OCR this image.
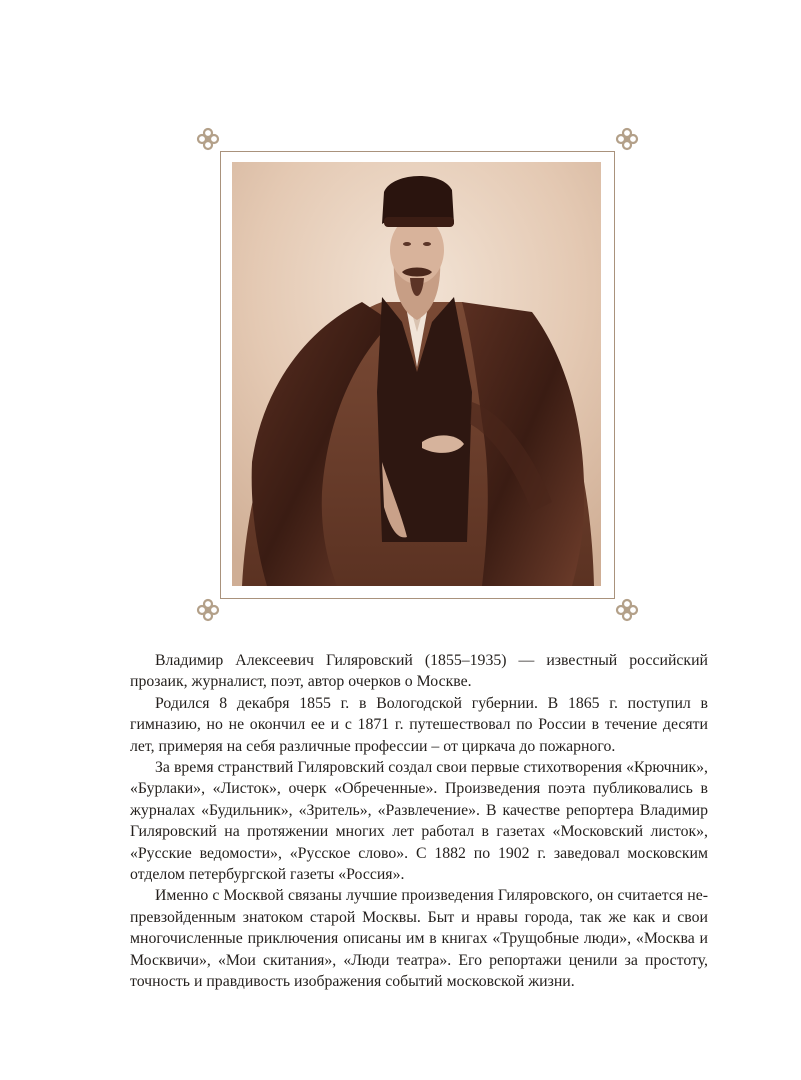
Владимир Алексеевич Гиляровский (1855–1935) — известный российский прозаик, журналист, поэт, автор очерков о Москве.

Родился 8 декабря 1855 г. в Вологодской губернии. В 1865 г. поступил в гимназию, но не окончил ее и с 1871 г. путешествовал по России в течение десяти лет, примеряя на себя различные профессии – от циркача до пожарного.

За время странствий Гиляровский создал свои первые стихотворения «Крючник», «Бурлаки», «Листок», очерк «Обреченные». Произведения поэта публиковались в журналах «Будильник», «Зритель», «Развлечение». В качестве репортера Владимир Гиляровский на протяжении многих лет работал в газетах «Московский листок», «Русские ведомости», «Русское слово». С 1882 по 1902 г. заведовал московским отделом петербургской газеты «Россия».

Именно с Москвой связаны лучшие произведения Гиляровского, он считается непревзойденным знатоком старой Москвы. Быт и нравы города, так же как и свои многочисленные приключения описаны им в книгах «Трущобные люди», «Москва и Москвичи», «Мои скитания», «Люди театра». Его репортажи ценили за простоту, точность и правдивость изображения событий московской жизни.
